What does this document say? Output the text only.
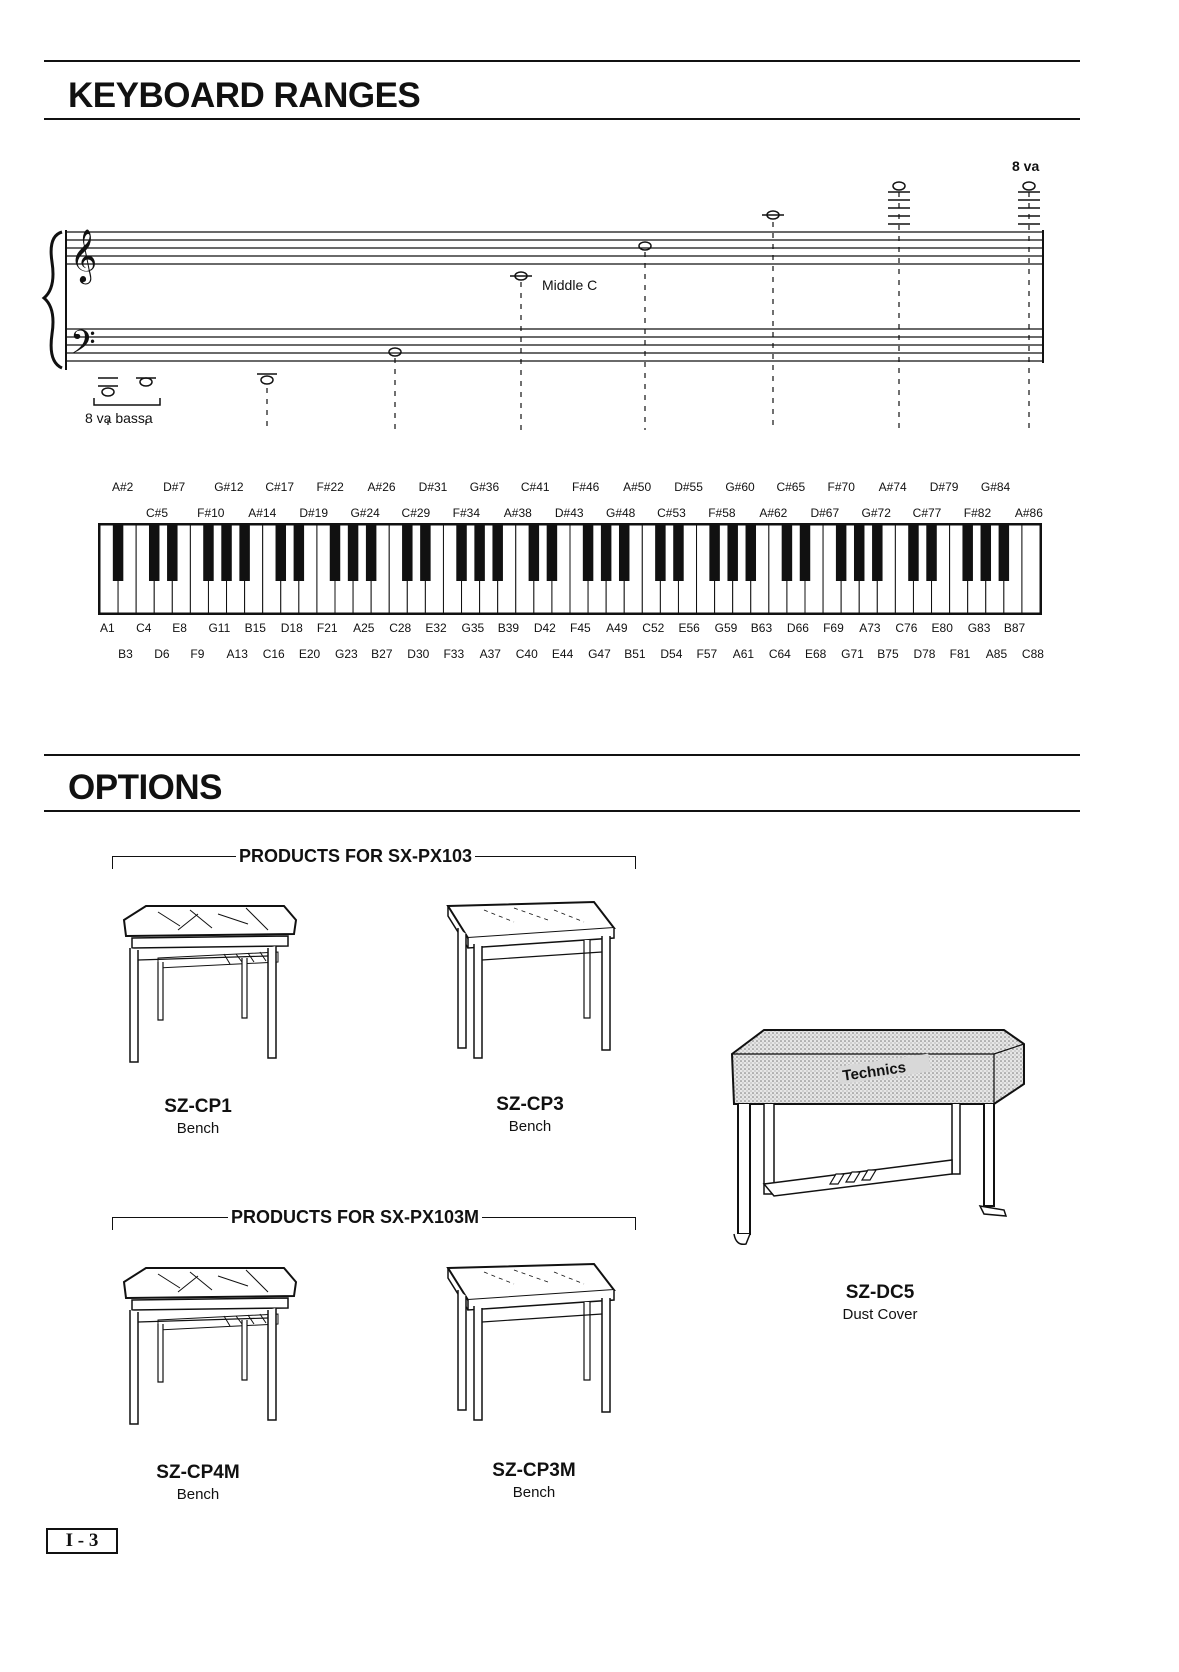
KEYBOARD RANGES
𝄞
𝄢
8 va
8 va bassa
Middle C
A#2 D#7 G#12 C#17 F#22 A#26 D#31 G#36 C#41 F#46 A#50 D#55 G#60 C#65 F#70 A#74 D#79 G#84
C#5 F#10 A#14 D#19 G#24 C#29 F#34 A#38 D#43 G#48 C#53 F#58 A#62 D#67 G#72 C#77 F#82 A#86
A1 C4 E8 G11 B15 D18 F21 A25 C28 E32 G35 B39 D42 F45 A49 C52 E56 G59 B63 D66 F69 A73 C76 E80 G83 B87
B3 D6 F9 A13 C16 E20 G23 B27 D30 F33 A37 C40 E44 G47 B51 D54 F57 A61 C64 E68 G71 B75 D78 F81 A85 C88
OPTIONS
PRODUCTS FOR SX-PX103
SZ-CP1
Bench
SZ-CP3
Bench
PRODUCTS FOR SX-PX103M
SZ-CP4M
Bench
SZ-CP3M
Bench
Technics
SZ-DC5
Dust Cover
I - 3
